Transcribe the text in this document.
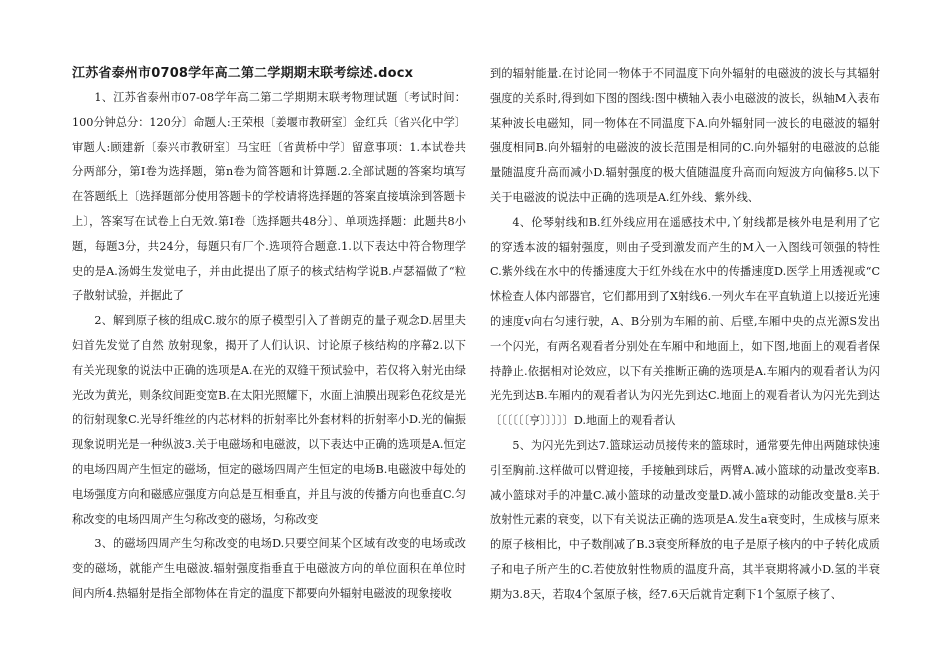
江苏省泰州市0708学年高二第二学期期末联考综述.docx

1、江苏省泰州市07-08学年高二第二学期期末联考物理试题〔考试时间：100分钟总分：120分〕命题人:王荣根〔姜堰市教研室〕金红兵〔省兴化中学〕审题人:顾建新〔泰兴市教研室〕马宝旺〔省黄桥中学〕留意事项：1.本试卷共分两部分，第Ⅰ卷为选择题，第n卷为简答题和计算题.2.全部试题的答案均填写在答题纸上〔选择题部分使用答题卡的学校请将选择题的答案直接填涂到答题卡上〕，答案写在试卷上白无效.第Ⅰ卷〔选择题共48分〕、单项选择题：此题共8小题，每题3分，共24分，每题只有厂个.选项符合题意.1.以下表达中符合物理学史的是A.汤姆生发觉电子，并由此提出了原子的核式结构学说B.卢瑟福做了“粒子散射试验，并据此了

2、解到原子核的组成C.玻尔的原子模型引入了普朗克的量子观念D.居里夫妇首先发觉了自然 放射现象，揭开了人们认识、讨论原子核结构的序幕2.以下有关光现象的说法中正确的选项是A.在光的双缝干预试验中，若仅将入射光由绿光改为黄光，则条纹间距变宽B.在太阳光照耀下，水面上油膜出现彩色花纹是光的衍射现象C.光导纤维丝的内芯材料的折射率比外套材料的折射率小D.光的偏振现象说明光是一种纵波3.关于电磁场和电磁波，以下表达中正确的选项是A.恒定的电场四周产生恒定的磁场，恒定的磁场四周产生恒定的电场B.电磁波中每处的电场强度方向和磁感应强度方向总是互相垂直，并且与波的传播方向也垂直C.匀称改变的电场四周产生匀称改变的磁场，匀称改变

3、的磁场四周产生匀称改变的电场D.只要空间某个区域有改变的电场或改变的磁场，就能产生电磁波.辐射强度指垂直于电磁波方向的单位面积在单位时间内所4.热辐射是指全部物体在肯定的温度下都要向外辐射电磁波的现象接收

到的辐射能量.在讨论同一物体于不同温度下向外辐射的电磁波的波长与其辐射强度的关系时,得到如下图的图线:图中横轴入表小电磁波的波长，纵轴M入表布某种波长电磁知，同一物体在不同温度下A.向外辐射同一波长的电磁波的辐射强度相同B.向外辐射的电磁波的波长范围是相同的C.向外辐射的电磁波的总能量随温度升高而减小D.辐射强度的极大值随温度升高而向短波方向偏移5.以下关于电磁波的说法中正确的选项是A.红外线、紫外线、

4、伦琴射线和B.红外线应用在遥感技术中,丫射线都是核外电是利用了它的穿透本波的辐射强度，则由子受到激发而产生的M入一入图线可领强的特性C.紫外线在水中的传播速度大于红外线在水中的传播速度D.医学上用透视或“C怵检查人体内部器官，它们都用到了X射线6.一列火车在平直轨道上以接近光速的速度v向右匀速行驶，A、B分别为车厢的前、后壁,车厢中央的点光源S发出一个闪光，有两名观看者分别处在车厢中和地面上，如下图,地面上的观看者保持静止.依据相对论效应，以下有关推断正确的选项是A.车厢内的观看者认为闪光先到达B.车厢内的观看者认为闪光先到达C.地面上的观看者认为闪光先到达〔〔〔〔〔〔亨〕〕〕〕〕D.地面上的观看者认

5、为闪光先到达7.篮球运动员接传来的篮球时，通常要先伸出两随球快速引至胸前.这样做可以臂迎接，手接触到球后，两臂A.减小篮球的动量改变率B.减小篮球对手的冲量C.减小篮球的动量改变量D.减小篮球的动能改变量8.关于放射性元素的衰变，以下有关说法正确的选项是A.发生a衰变时，生成核与原来的原子核相比，中子数削减了B.3衰变所释放的电子是原子核内的中子转化成质子和电子所产生的C.若使放射性物质的温度升高，其半衰期将减小D.氢的半衰期为3.8天，若取4个氢原子核，经7.6天后就肯定剩下1个氢原子核了、
